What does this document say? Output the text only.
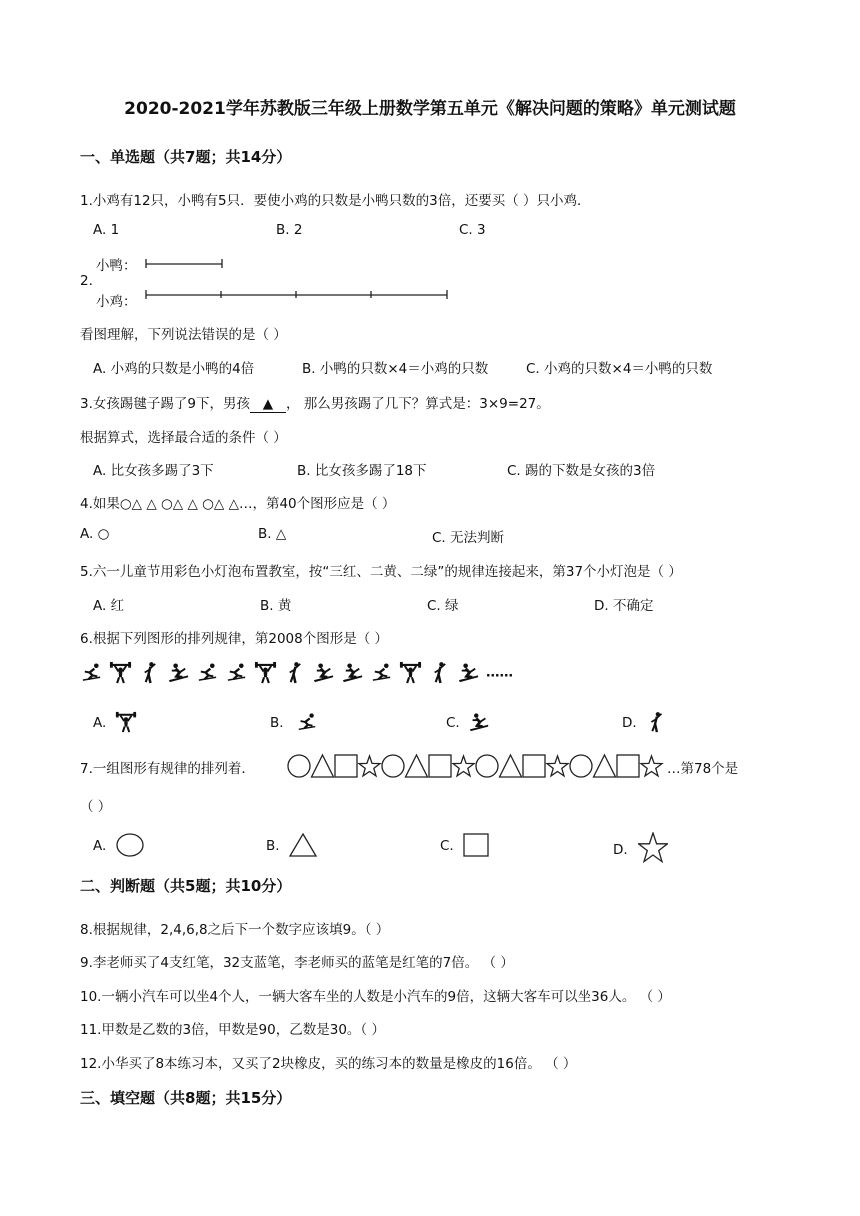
2020-2021学年苏教版三年级上册数学第五单元《解决问题的策略》单元测试题
一、单选题（共7题；共14分）
1.小鸡有12只，小鸭有5只．要使小鸡的只数是小鸭只数的3倍，还要买（ ）只小鸡．
A. 1	B. 2	C. 3
小鸭：
2.
小鸡：
看图理解，下列说法错误的是（ ）
A. 小鸡的只数是小鸭的4倍	B. 小鸭的只数×4＝小鸡的只数	C. 小鸡的只数×4＝小鸭的只数
3.女孩踢毽子踢了9下，男孩 ▲ ， 那么男孩踢了几下？算式是：3×9=27。
根据算式，选择最合适的条件（ ）
A. 比女孩多踢了3下	B. 比女孩多踢了18下	C. 踢的下数是女孩的3倍
4.如果○△ △ ○△ △ ○△ △…，第40个图形应是（ ）
A. ○	B. △	C. 无法判断
5.六一儿童节用彩色小灯泡布置教室，按“三红、二黄、二绿”的规律连接起来，第37个小灯泡是（ ）
A. 红	B. 黄	C. 绿	D. 不确定
6.根据下列图形的排列规律，第2008个图形是（ ）
……
A.	B.	C.	D.
7.一组图形有规律的排列着．	…第78个是
（ ）
A.	B.	C.	D.
二、判断题（共5题；共10分）
8.根据规律，2,4,6,8之后下一个数字应该填9。（ ）
9.李老师买了4支红笔，32支蓝笔，李老师买的蓝笔是红笔的7倍。 （ ）
10.一辆小汽车可以坐4个人，一辆大客车坐的人数是小汽车的9倍，这辆大客车可以坐36人。 （ ）
11.甲数是乙数的3倍，甲数是90，乙数是30。（ ）
12.小华买了8本练习本，又买了2块橡皮，买的练习本的数量是橡皮的16倍。 （ ）
三、填空题（共8题；共15分）
